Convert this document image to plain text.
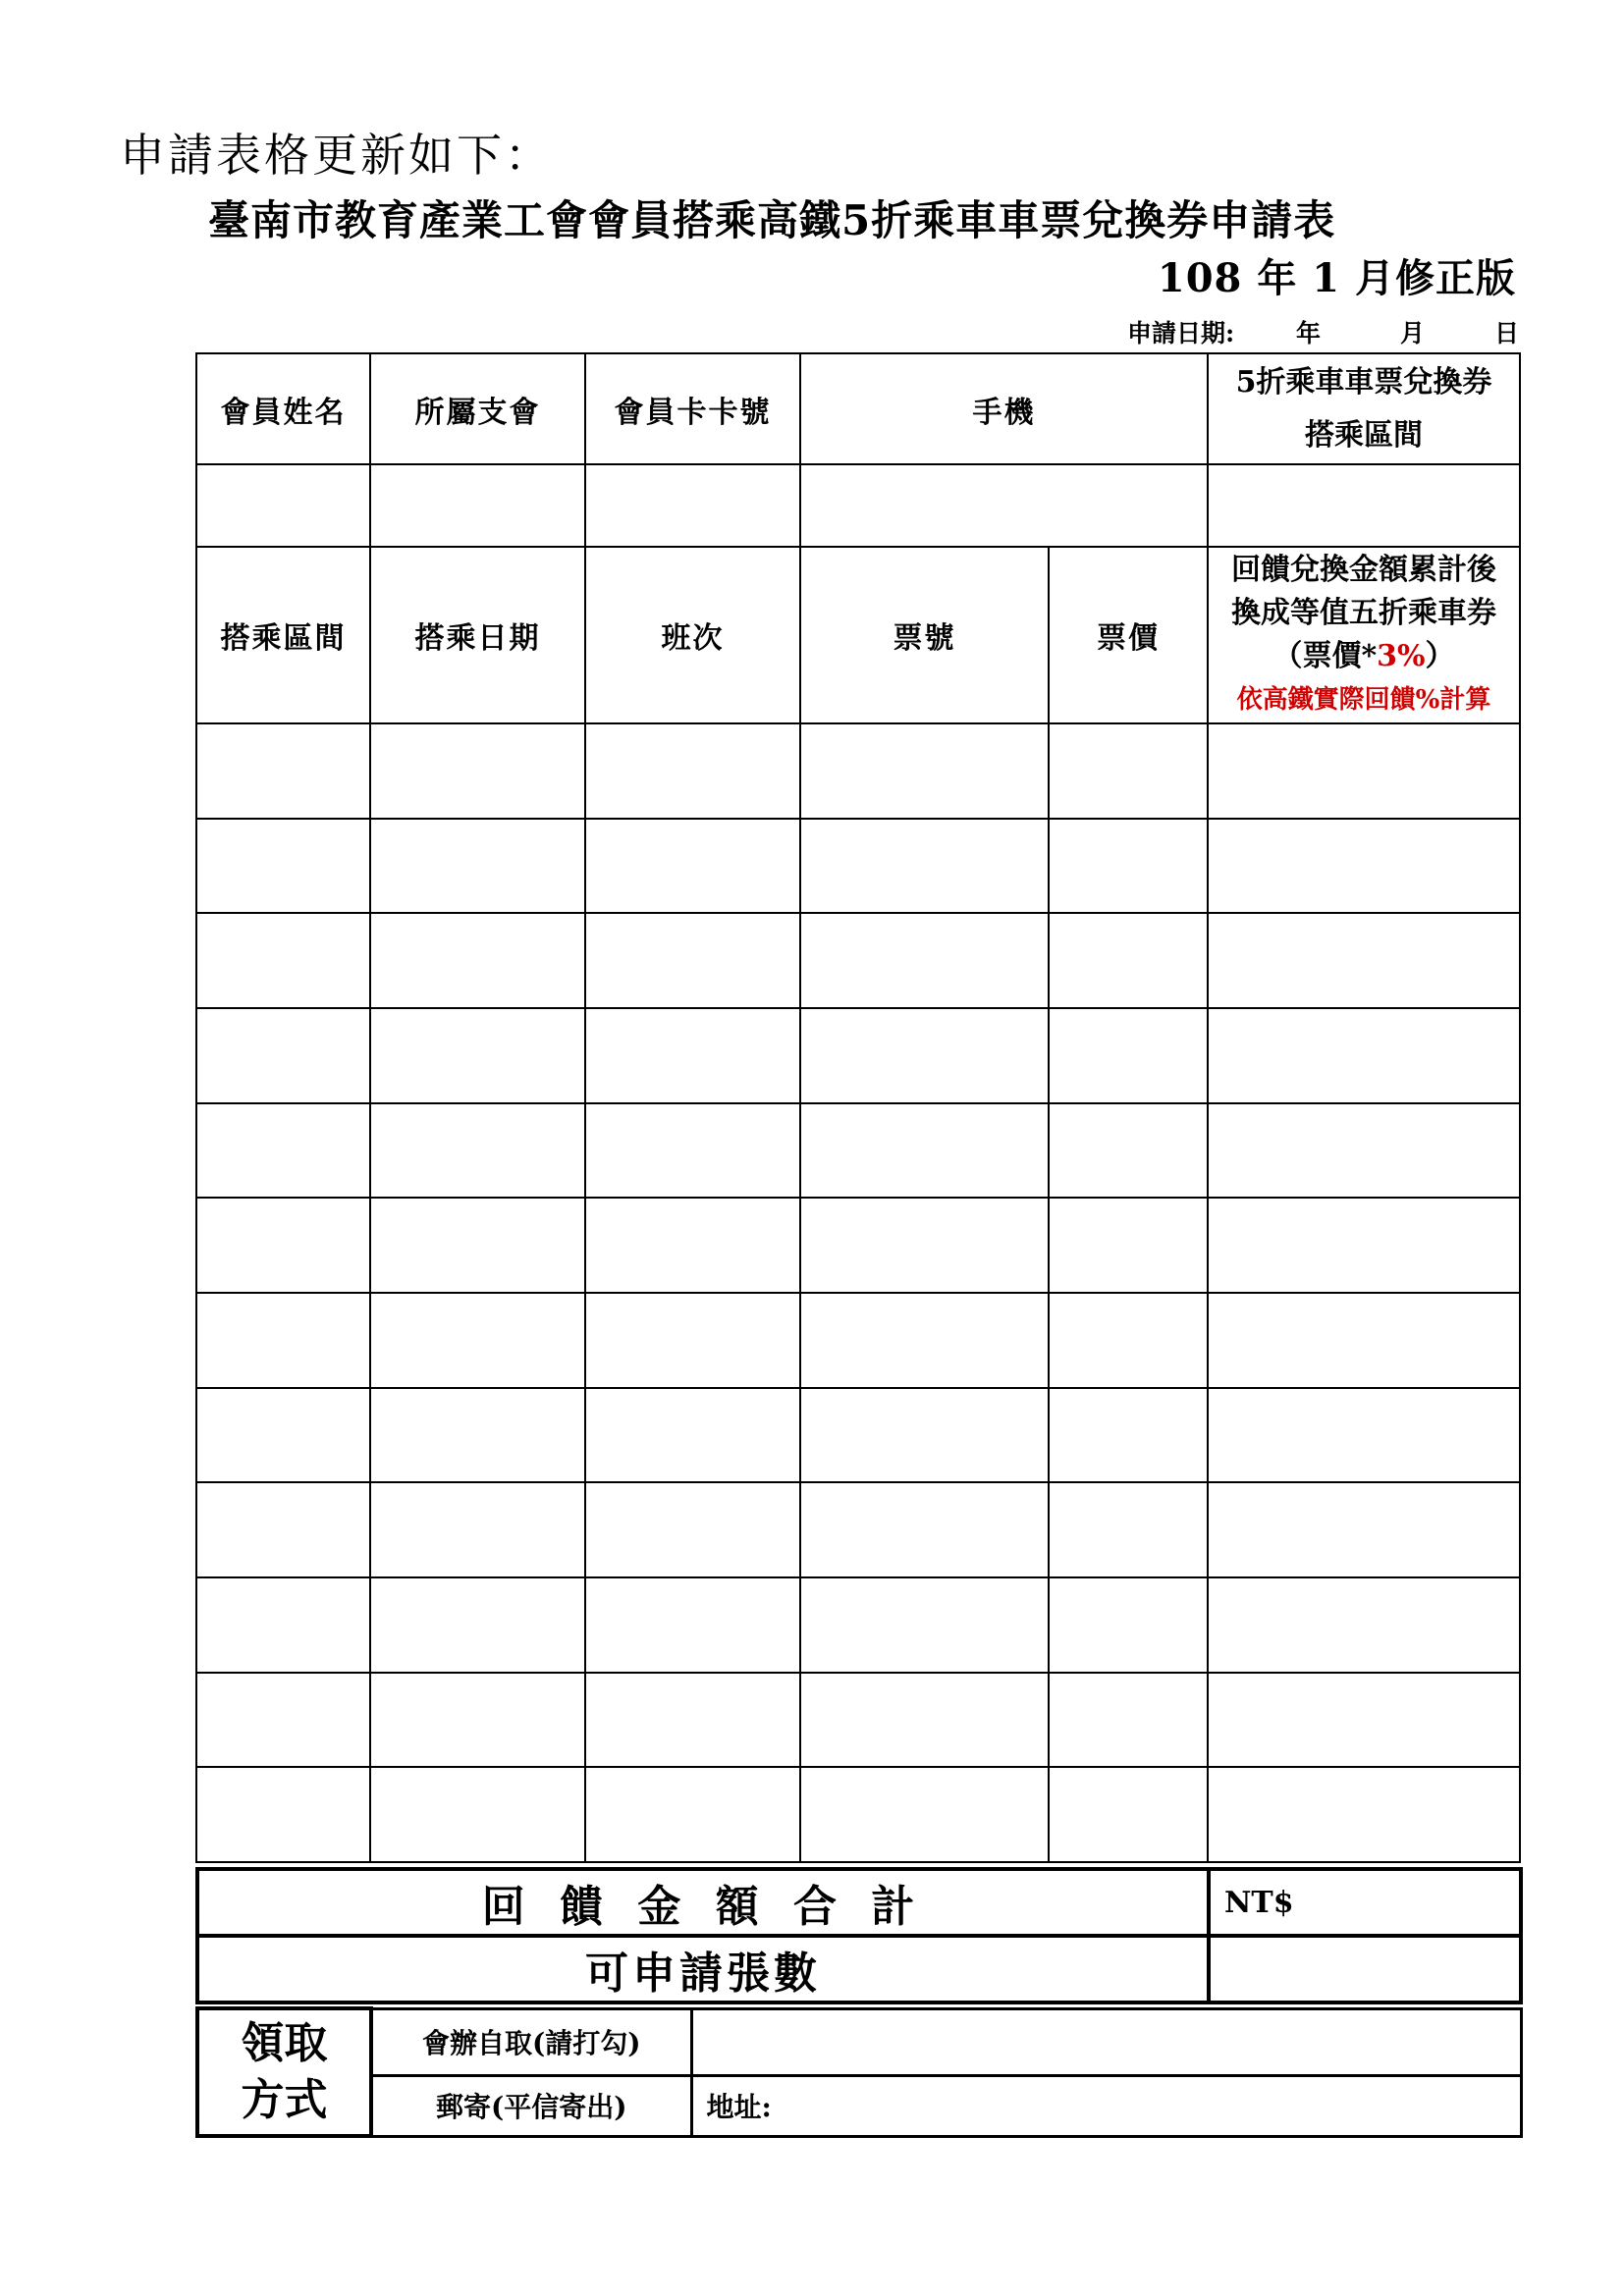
申請表格更新如下：
臺南市教育產業工會會員搭乘高鐵5折乘車車票兌換券申請表
108 年 1 月修正版
申請日期:	年	月	日
會員姓名	所屬支會	會員卡卡號	手機		5折乘車車票兌換券
搭乘區間

搭乘區間	搭乘日期	班次	票號	票價	回饋兌換金額累計後
換成等值五折乘車券
（票價*3%）
依高鐵實際回饋%計算

回 饋 金 額 合 計	NT$
可申請張數	
領取
方式	會辦自取(請打勾)	
	郵寄(平信寄出)	地址:
